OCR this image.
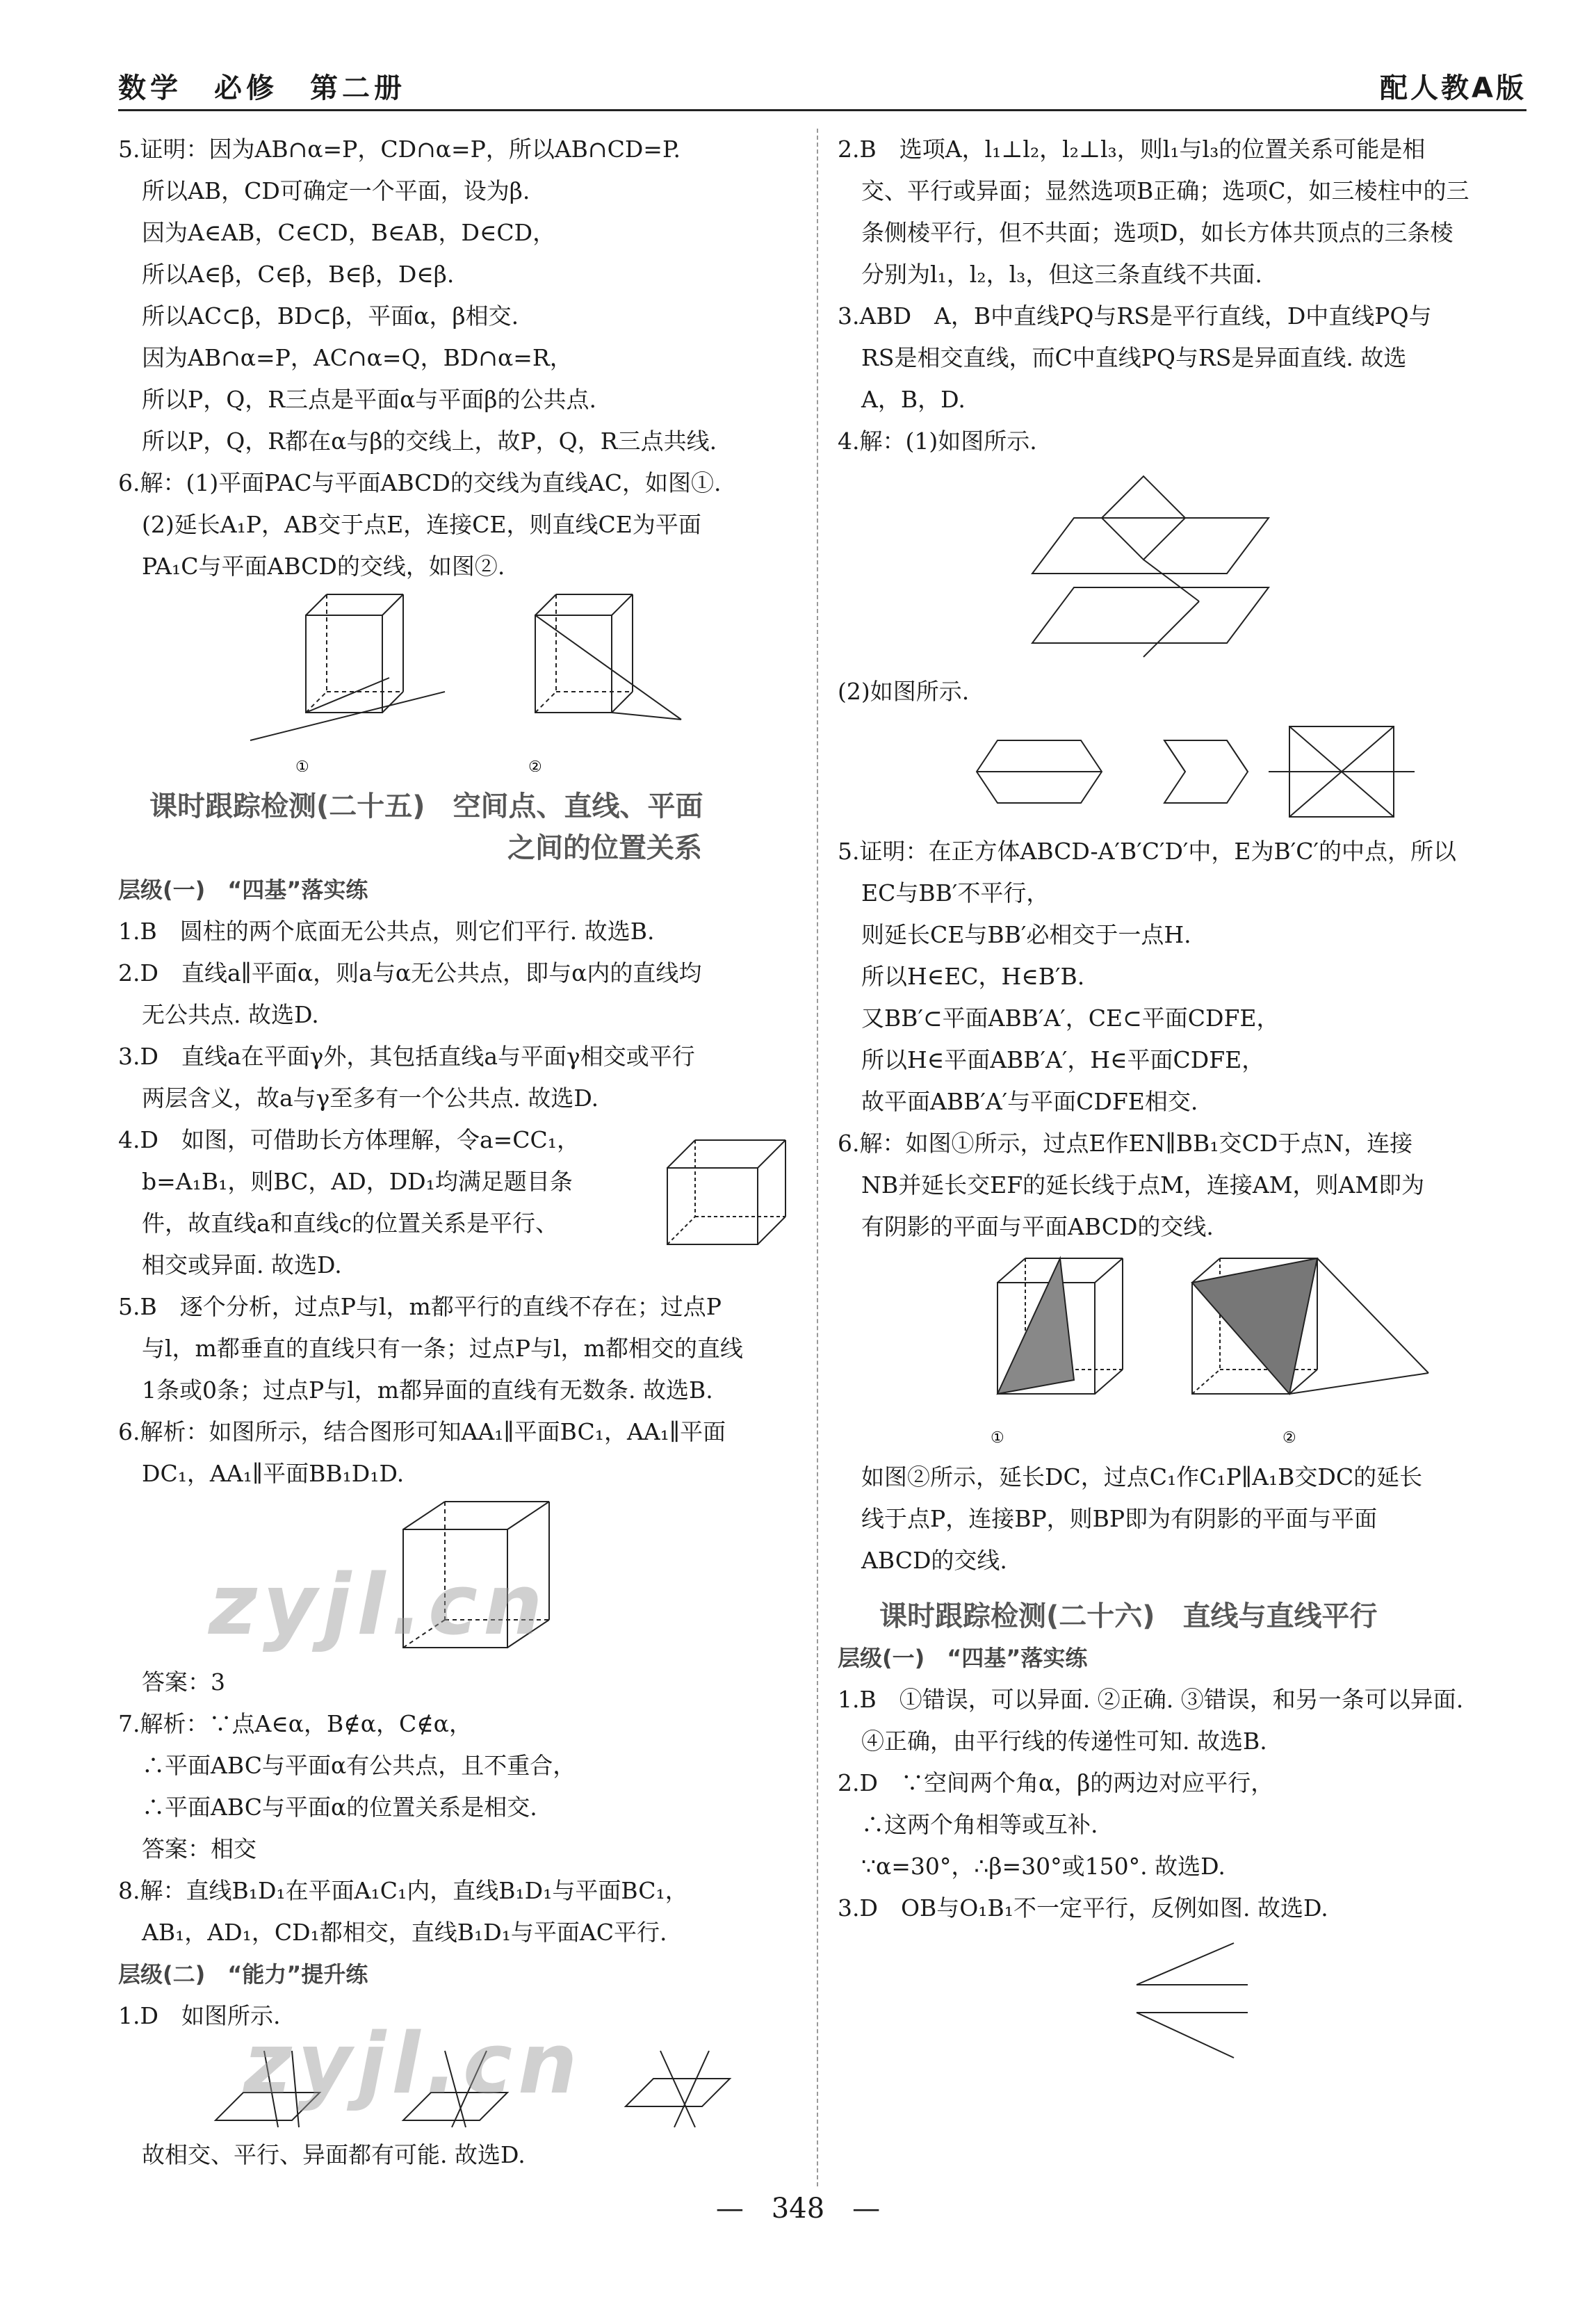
数学　必修　第二册	配人教A版
5.证明：因为AB∩α=P，CD∩α=P，所以AB∩CD=P.
所以AB，CD可确定一个平面，设为β.
因为A∈AB，C∈CD，B∈AB，D∈CD，
所以A∈β，C∈β，B∈β，D∈β.
所以AC⊂β，BD⊂β，平面α，β相交.
因为AB∩α=P，AC∩α=Q，BD∩α=R，
所以P，Q，R三点是平面α与平面β的公共点.
所以P，Q，R都在α与β的交线上，故P，Q，R三点共线.
6.解：(1)平面PAC与平面ABCD的交线为直线AC，如图①.
(2)延长A₁P，AB交于点E，连接CE，则直线CE为平面
PA₁C与平面ABCD的交线，如图②.
①	②
课时跟踪检测(二十五)　空间点、直线、平面
之间的位置关系
层级(一)　“四基”落实练
1.B　圆柱的两个底面无公共点，则它们平行. 故选B.
2.D　直线a∥平面α，则a与α无公共点，即与α内的直线均
无公共点. 故选D.
3.D　直线a在平面γ外，其包括直线a与平面γ相交或平行
两层含义，故a与γ至多有一个公共点. 故选D.
4.D　如图，可借助长方体理解，令a=CC₁，
b=A₁B₁，则BC，AD，DD₁均满足题目条
件，故直线a和直线c的位置关系是平行、
相交或异面. 故选D.
5.B　逐个分析，过点P与l，m都平行的直线不存在；过点P
与l，m都垂直的直线只有一条；过点P与l，m都相交的直线
1条或0条；过点P与l，m都异面的直线有无数条. 故选B.
6.解析：如图所示，结合图形可知AA₁∥平面BC₁，AA₁∥平面
DC₁，AA₁∥平面BB₁D₁D.
答案：3
7.解析：∵点A∈α，B∉α，C∉α，
∴平面ABC与平面α有公共点，且不重合，
∴平面ABC与平面α的位置关系是相交.
答案：相交
8.解：直线B₁D₁在平面A₁C₁内，直线B₁D₁与平面BC₁，
AB₁，AD₁，CD₁都相交，直线B₁D₁与平面AC平行.
层级(二)　“能力”提升练
1.D　如图所示.
故相交、平行、异面都有可能. 故选D.
zyjl.cn
zyjl.cn
2.B　选项A，l₁⊥l₂，l₂⊥l₃，则l₁与l₃的位置关系可能是相
交、平行或异面；显然选项B正确；选项C，如三棱柱中的三
条侧棱平行，但不共面；选项D，如长方体共顶点的三条棱
分别为l₁，l₂，l₃，但这三条直线不共面.
3.ABD　A，B中直线PQ与RS是平行直线，D中直线PQ与
RS是相交直线，而C中直线PQ与RS是异面直线. 故选
A，B，D.
4.解：(1)如图所示.
(2)如图所示.
5.证明：在正方体ABCD-A′B′C′D′中，E为B′C′的中点，所以
EC与BB′不平行，
则延长CE与BB′必相交于一点H.
所以H∈EC，H∈B′B.
又BB′⊂平面ABB′A′，CE⊂平面CDFE，
所以H∈平面ABB′A′，H∈平面CDFE，
故平面ABB′A′与平面CDFE相交.
6.解：如图①所示，过点E作EN∥BB₁交CD于点N，连接
NB并延长交EF的延长线于点M，连接AM，则AM即为
有阴影的平面与平面ABCD的交线.
①	②
如图②所示，延长DC，过点C₁作C₁P∥A₁B交DC的延长
线于点P，连接BP，则BP即为有阴影的平面与平面
ABCD的交线.
课时跟踪检测(二十六)　直线与直线平行
层级(一)　“四基”落实练
1.B　①错误，可以异面. ②正确. ③错误，和另一条可以异面.
④正确，由平行线的传递性可知. 故选B.
2.D　∵空间两个角α，β的两边对应平行，
∴这两个角相等或互补.
∵α=30°，∴β=30°或150°. 故选D.
3.D　OB与O₁B₁不一定平行，反例如图. 故选D.
—　348　—
